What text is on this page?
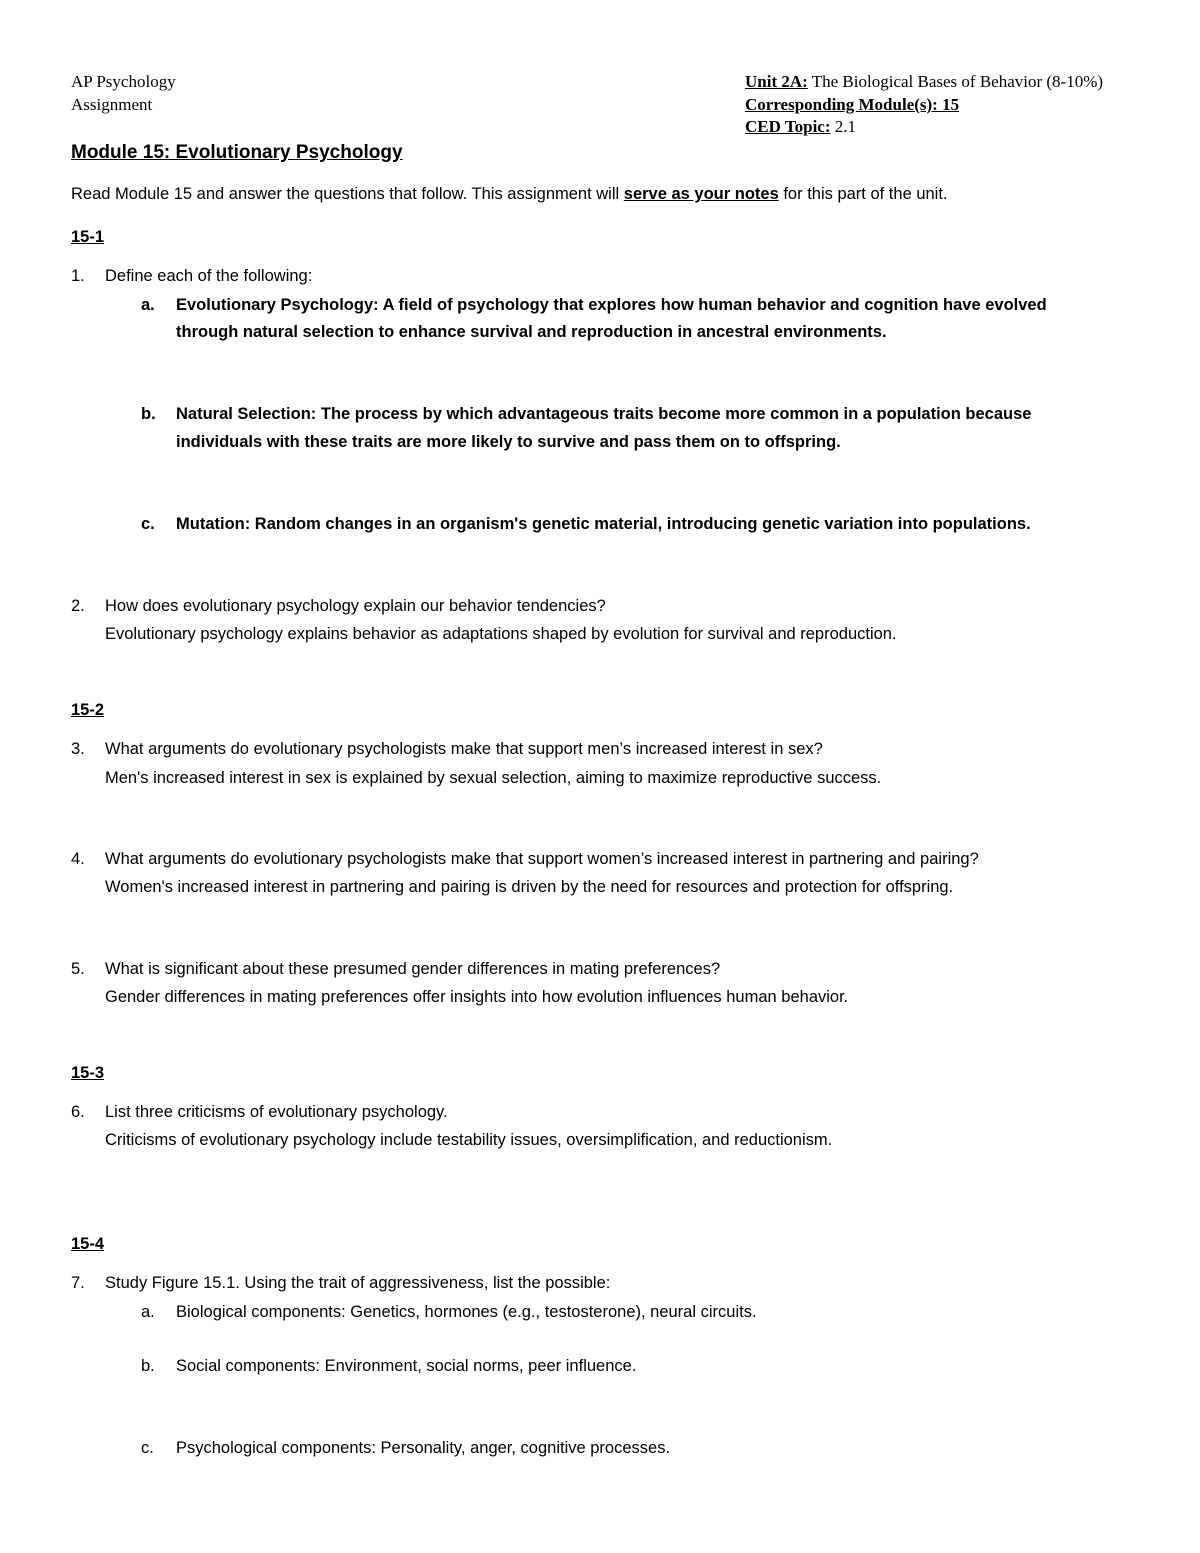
AP Psychology
Assignment
Unit 2A: The Biological Bases of Behavior (8-10%)
Corresponding Module(s): 15
CED Topic: 2.1
Module 15: Evolutionary Psychology
Read Module 15 and answer the questions that follow. This assignment will serve as your notes for this part of the unit.
15-1
1. Define each of the following:
a. Evolutionary Psychology: A field of psychology that explores how human behavior and cognition have evolved
through natural selection to enhance survival and reproduction in ancestral environments.
b. Natural Selection: The process by which advantageous traits become more common in a population because
individuals with these traits are more likely to survive and pass them on to offspring.
c. Mutation: Random changes in an organism's genetic material, introducing genetic variation into populations.
2. How does evolutionary psychology explain our behavior tendencies?
Evolutionary psychology explains behavior as adaptations shaped by evolution for survival and reproduction.
15-2
3. What arguments do evolutionary psychologists make that support men’s increased interest in sex?
Men's increased interest in sex is explained by sexual selection, aiming to maximize reproductive success.
4. What arguments do evolutionary psychologists make that support women’s increased interest in partnering and pairing?
Women's increased interest in partnering and pairing is driven by the need for resources and protection for offspring.
5. What is significant about these presumed gender differences in mating preferences?
Gender differences in mating preferences offer insights into how evolution influences human behavior.
15-3
6. List three criticisms of evolutionary psychology.
Criticisms of evolutionary psychology include testability issues, oversimplification, and reductionism.
15-4
7. Study Figure 15.1. Using the trait of aggressiveness, list the possible:
a. Biological components: Genetics, hormones (e.g., testosterone), neural circuits.
b. Social components: Environment, social norms, peer influence.
c. Psychological components: Personality, anger, cognitive processes.
